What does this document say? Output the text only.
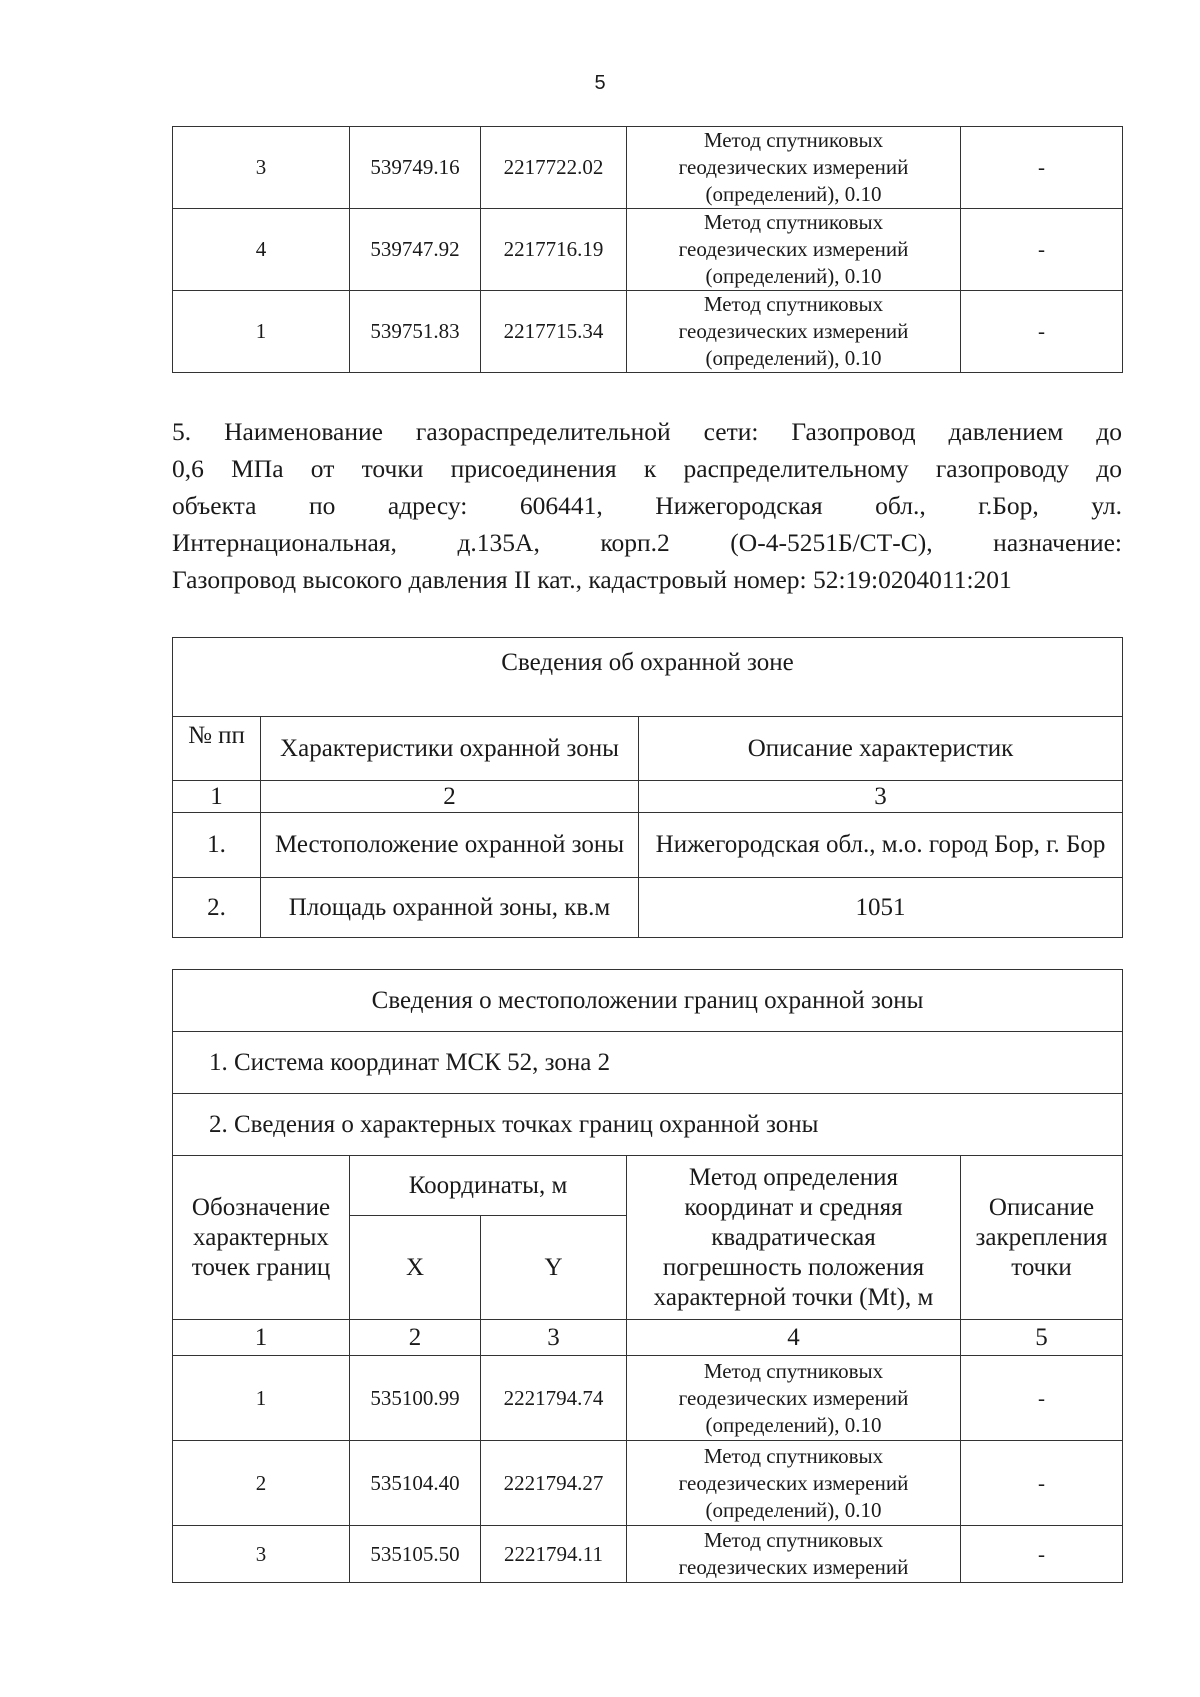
5
3	539749.16	2217722.02	Метод спутниковых
геодезических измерений
(определений), 0.10	-
4	539747.92	2217716.19	Метод спутниковых
геодезических измерений
(определений), 0.10	-
1	539751.83	2217715.34	Метод спутниковых
геодезических измерений
(определений), 0.10	-
5. Наименование газораспределительной сети: Газопровод давлением до
0,6 МПа от точки присоединения к распределительному газопроводу до
объекта по адресу: 606441, Нижегородская обл., г.Бор, ул.
Интернациональная, д.135А, корп.2 (О-4-5251Б/СТ-С), назначение:
Газопровод высокого давления II кат., кадастровый номер: 52:19:0204011:201
Сведения об охранной зоне		
№ пп	Характеристики охранной зоны	Описание характеристик
1	2	3
1.	Местоположение охранной зоны	Нижегородская обл., м.о. город Бор, г. Бор
2.	Площадь охранной зоны, кв.м	1051
Сведения о местоположении границ охранной зоны				
1. Система координат МСК 52, зона 2				
2. Сведения о характерных точках границ охранной зоны				
Обозначение
характерных
точек границ	Координаты, м		Метод определения
координат и средняя
квадратическая
погрешность положения
характерной точки (Mt), м	Описание
закрепления
точки
	X	Y		
1	2	3	4	5
1	535100.99	2221794.74	Метод спутниковых
геодезических измерений
(определений), 0.10	-
2	535104.40	2221794.27	Метод спутниковых
геодезических измерений
(определений), 0.10	-
3	535105.50	2221794.11	Метод спутниковых
геодезических измерений	-
